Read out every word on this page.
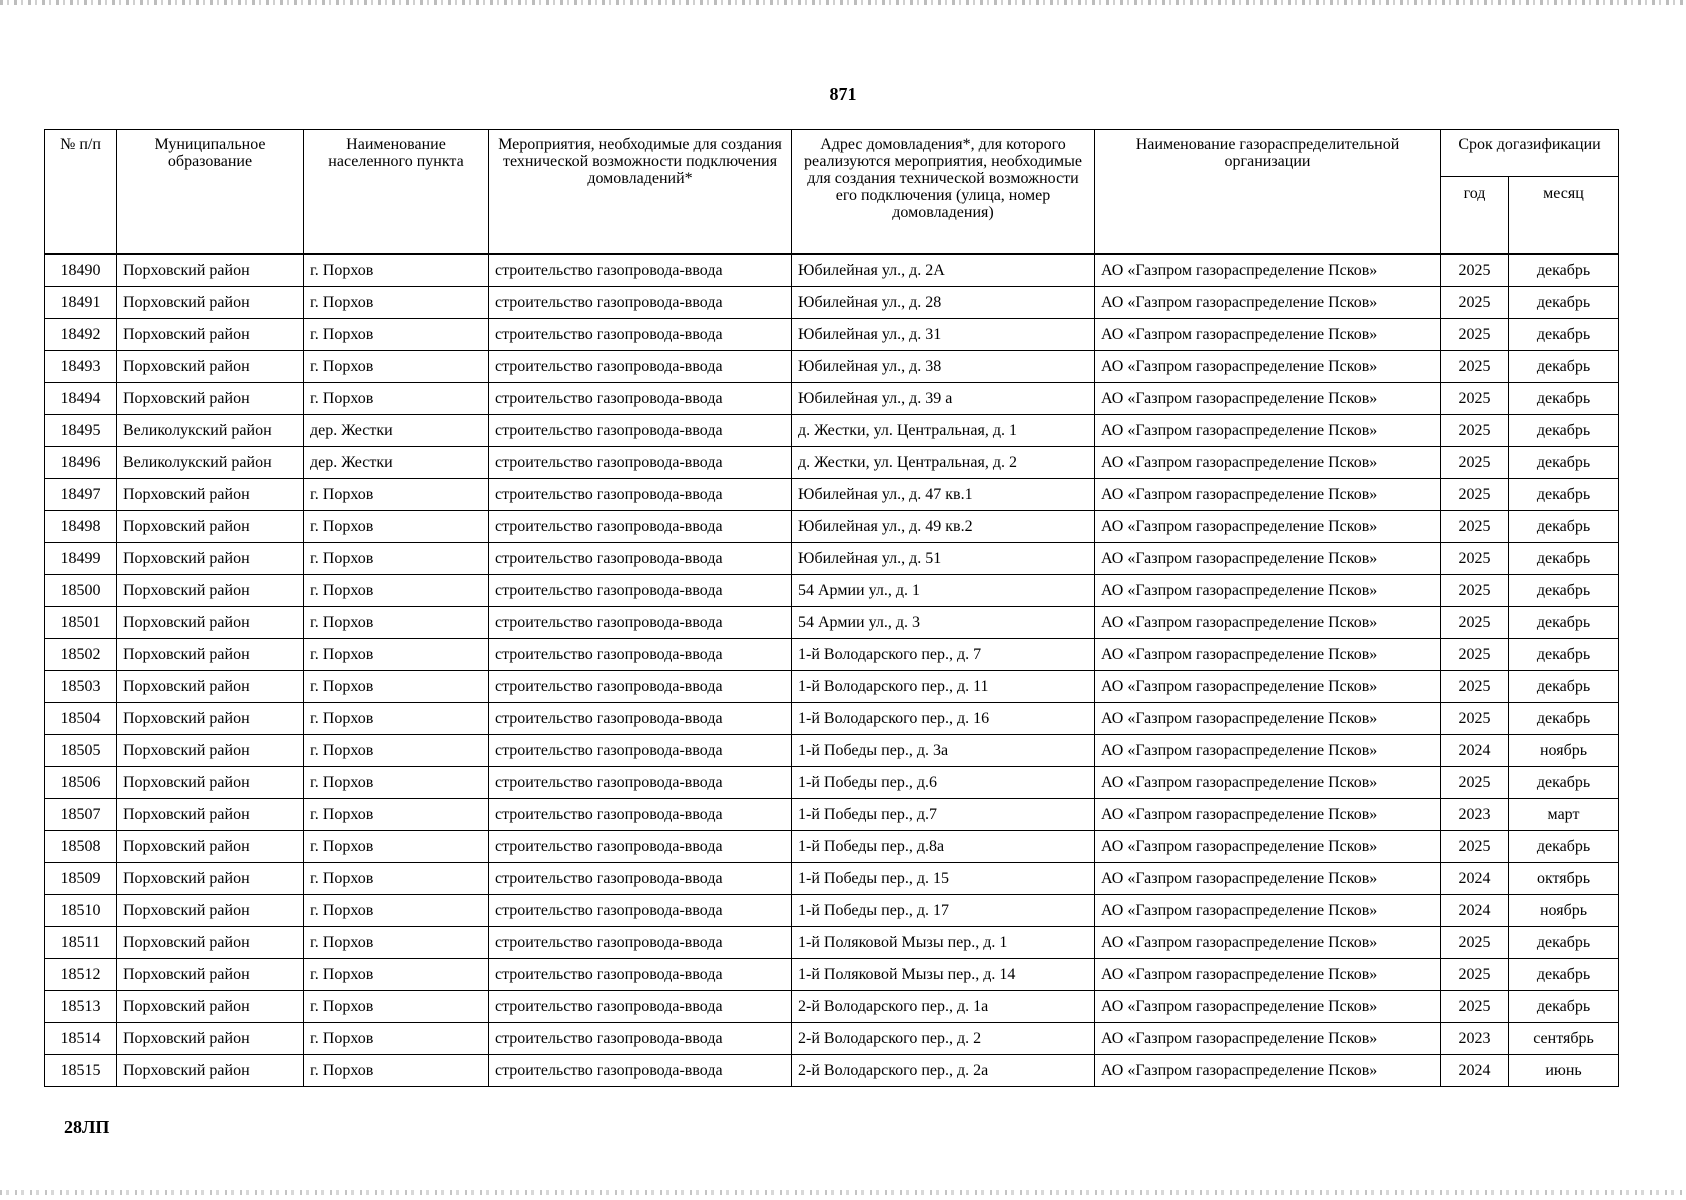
871
№ п/п	Муниципальное образование	Наименование населенного пункта	Мероприятия, необходимые для создания технической возможности подключения домовладений*	Адрес домовладения*, для которого реализуются мероприятия, необходимые для создания технической возможности его подключения (улица, номер домовладения)	Наименование газораспределительной организации	Срок догазификации	
						год	месяц
18490	Порховский район	г. Порхов	строительство газопровода-ввода	Юбилейная ул., д. 2А	АО «Газпром газораспределение Псков»	2025	декабрь
18491	Порховский район	г. Порхов	строительство газопровода-ввода	Юбилейная ул., д. 28	АО «Газпром газораспределение Псков»	2025	декабрь
18492	Порховский район	г. Порхов	строительство газопровода-ввода	Юбилейная ул., д. 31	АО «Газпром газораспределение Псков»	2025	декабрь
18493	Порховский район	г. Порхов	строительство газопровода-ввода	Юбилейная ул., д. 38	АО «Газпром газораспределение Псков»	2025	декабрь
18494	Порховский район	г. Порхов	строительство газопровода-ввода	Юбилейная ул., д. 39 а	АО «Газпром газораспределение Псков»	2025	декабрь
18495	Великолукский район	дер. Жестки	строительство газопровода-ввода	д. Жестки, ул. Центральная, д. 1	АО «Газпром газораспределение Псков»	2025	декабрь
18496	Великолукский район	дер. Жестки	строительство газопровода-ввода	д. Жестки, ул. Центральная, д. 2	АО «Газпром газораспределение Псков»	2025	декабрь
18497	Порховский район	г. Порхов	строительство газопровода-ввода	Юбилейная ул., д. 47 кв.1	АО «Газпром газораспределение Псков»	2025	декабрь
18498	Порховский район	г. Порхов	строительство газопровода-ввода	Юбилейная ул., д. 49 кв.2	АО «Газпром газораспределение Псков»	2025	декабрь
18499	Порховский район	г. Порхов	строительство газопровода-ввода	Юбилейная ул., д. 51	АО «Газпром газораспределение Псков»	2025	декабрь
18500	Порховский район	г. Порхов	строительство газопровода-ввода	54 Армии ул., д. 1	АО «Газпром газораспределение Псков»	2025	декабрь
18501	Порховский район	г. Порхов	строительство газопровода-ввода	54 Армии ул., д. 3	АО «Газпром газораспределение Псков»	2025	декабрь
18502	Порховский район	г. Порхов	строительство газопровода-ввода	1-й Володарского пер., д. 7	АО «Газпром газораспределение Псков»	2025	декабрь
18503	Порховский район	г. Порхов	строительство газопровода-ввода	1-й Володарского пер., д. 11	АО «Газпром газораспределение Псков»	2025	декабрь
18504	Порховский район	г. Порхов	строительство газопровода-ввода	1-й Володарского пер., д. 16	АО «Газпром газораспределение Псков»	2025	декабрь
18505	Порховский район	г. Порхов	строительство газопровода-ввода	1-й Победы пер., д. 3а	АО «Газпром газораспределение Псков»	2024	ноябрь
18506	Порховский район	г. Порхов	строительство газопровода-ввода	1-й Победы пер., д.6	АО «Газпром газораспределение Псков»	2025	декабрь
18507	Порховский район	г. Порхов	строительство газопровода-ввода	1-й Победы пер., д.7	АО «Газпром газораспределение Псков»	2023	март
18508	Порховский район	г. Порхов	строительство газопровода-ввода	1-й Победы пер., д.8а	АО «Газпром газораспределение Псков»	2025	декабрь
18509	Порховский район	г. Порхов	строительство газопровода-ввода	1-й Победы пер., д. 15	АО «Газпром газораспределение Псков»	2024	октябрь
18510	Порховский район	г. Порхов	строительство газопровода-ввода	1-й Победы пер., д. 17	АО «Газпром газораспределение Псков»	2024	ноябрь
18511	Порховский район	г. Порхов	строительство газопровода-ввода	1-й Поляковой Мызы пер., д. 1	АО «Газпром газораспределение Псков»	2025	декабрь
18512	Порховский район	г. Порхов	строительство газопровода-ввода	1-й Поляковой Мызы пер., д. 14	АО «Газпром газораспределение Псков»	2025	декабрь
18513	Порховский район	г. Порхов	строительство газопровода-ввода	2-й Володарского пер., д. 1а	АО «Газпром газораспределение Псков»	2025	декабрь
18514	Порховский район	г. Порхов	строительство газопровода-ввода	2-й Володарского пер., д. 2	АО «Газпром газораспределение Псков»	2023	сентябрь
18515	Порховский район	г. Порхов	строительство газопровода-ввода	2-й Володарского пер., д. 2а	АО «Газпром газораспределение Псков»	2024	июнь
28ЛП
